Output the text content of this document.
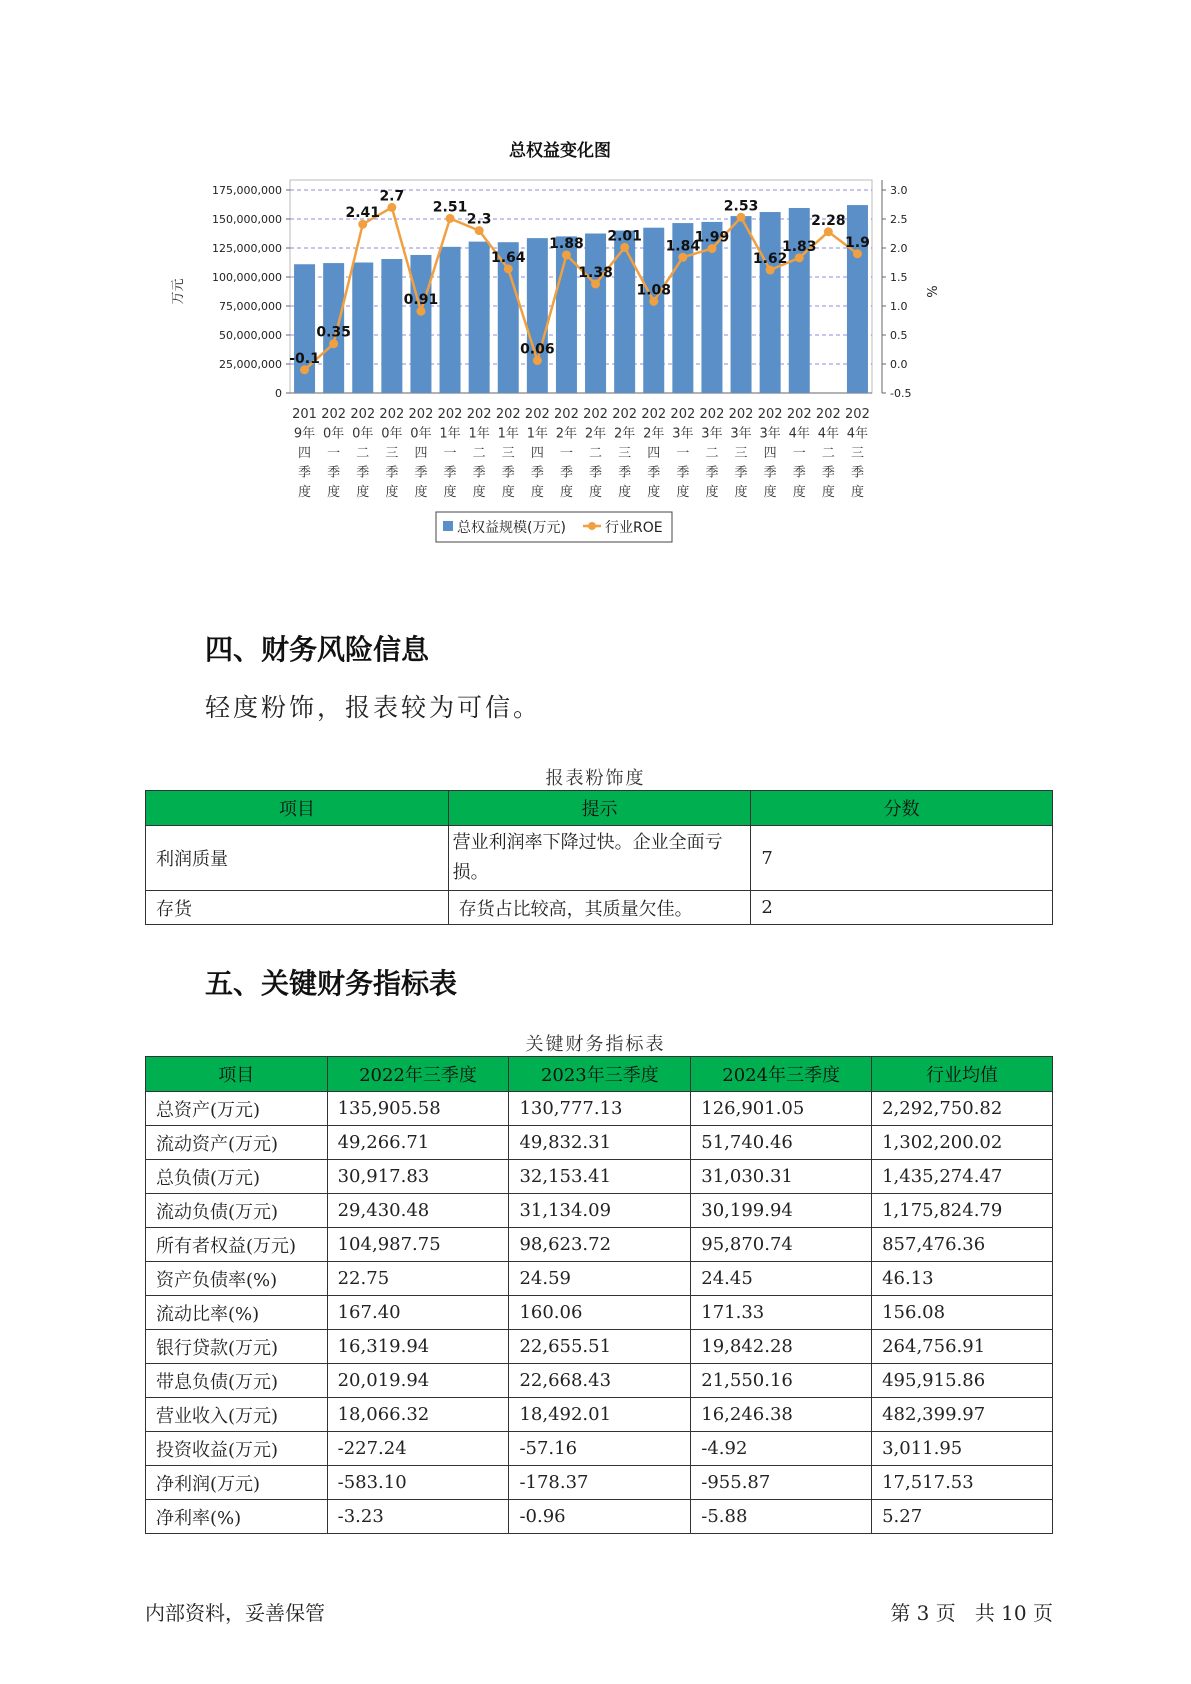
总权益变化图
0
25,000,000
50,000,000
75,000,000
100,000,000
125,000,000
150,000,000
175,000,000
-0.5
0.0
0.5
1.0
1.5
2.0
2.5
3.0
万元	%
-0.1
0.35
2.41
2.7
0.91
2.51
2.3
1.64
0.06
1.88
1.38
2.01
1.08
1.84
1.99
2.53
1.62
1.83
2.28
1.9
201
9年
四
季
度
202
0年
一
季
度
202
0年
二
季
度
202
0年
三
季
度
202
0年
四
季
度
202
1年
一
季
度
202
1年
二
季
度
202
1年
三
季
度
202
1年
四
季
度
202
2年
一
季
度
202
2年
二
季
度
202
2年
三
季
度
202
2年
四
季
度
202
3年
一
季
度
202
3年
二
季
度
202
3年
三
季
度
202
3年
四
季
度
202
4年
一
季
度
202
4年
二
季
度
202
4年
三
季
度
总权益规模(万元)	行业ROE
四、财务风险信息
轻度粉饰，报表较为可信。
报表粉饰度
项目	提示	分数
利润质量	营业利润率下降过快。企业全面亏损。	7
存货	存货占比较高，其质量欠佳。	2
五、关键财务指标表
关键财务指标表
项目	2022年三季度	2023年三季度	2024年三季度	行业均值
总资产(万元)	135,905.58	130,777.13	126,901.05	2,292,750.82
流动资产(万元)	49,266.71	49,832.31	51,740.46	1,302,200.02
总负债(万元)	30,917.83	32,153.41	31,030.31	1,435,274.47
流动负债(万元)	29,430.48	31,134.09	30,199.94	1,175,824.79
所有者权益(万元)	104,987.75	98,623.72	95,870.74	857,476.36
资产负债率(%)	22.75	24.59	24.45	46.13
流动比率(%)	167.40	160.06	171.33	156.08
银行贷款(万元)	16,319.94	22,655.51	19,842.28	264,756.91
带息负债(万元)	20,019.94	22,668.43	21,550.16	495,915.86
营业收入(万元)	18,066.32	18,492.01	16,246.38	482,399.97
投资收益(万元)	-227.24	-57.16	-4.92	3,011.95
净利润(万元)	-583.10	-178.37	-955.87	17,517.53
净利率(%)	-3.23	-0.96	-5.88	5.27
内部资料，妥善保管	第 3 页   共 10 页
